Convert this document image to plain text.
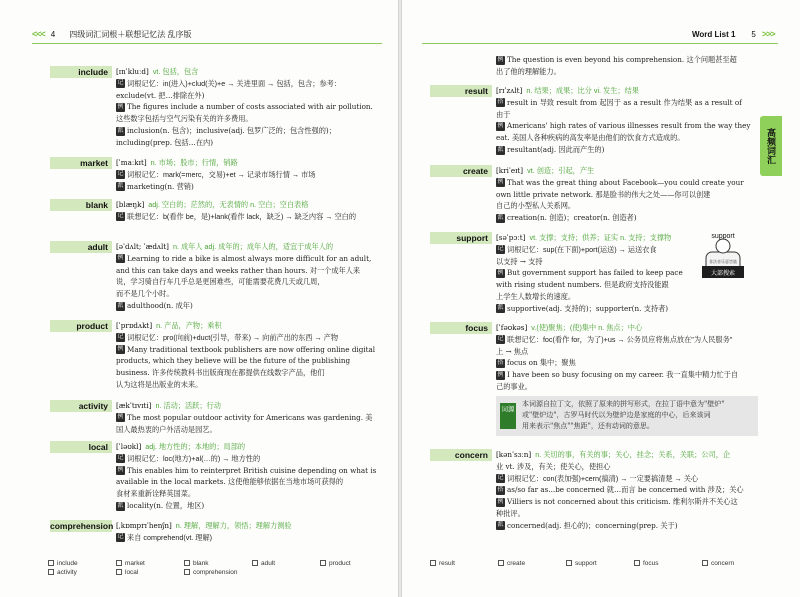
<<< 4 四级词汇词根＋联想记忆法 乱序版
include	[ɪnˈkluːd] vt. 包括，包含
记 词根记忆：in(进入)+clud(关)+e → 关进里面 → 包括，包含；参考：
exclude(vt. 把…排除在外)
例 The figures include a number of costs associated with air pollution.
这些数字包括与空气污染有关的许多费用。
派 inclusion(n. 包含)；inclusive(adj. 包罗广泛的；包含性强的)；
including(prep. 包括…在内)
market	[ˈmaːkɪt] n. 市场；股市；行情，销路
记 词根记忆：mark(=merc，交易)+et → 记录市场行情 → 市场
派 marketing(n. 营销)
blank	[blæŋk] adj. 空白的；茫然的，无表情的 n. 空白；空白表格
记 联想记忆：b(看作 be，是)+lank(看作 lack，缺乏) → 缺乏内容 → 空白的
adult	[əˈdʌlt; ˈædʌlt] n. 成年人 adj. 成年的；成年人的，适宜于成年人的
例 Learning to ride a bike is almost always more difficult for an adult,
and this can take days and weeks rather than hours. 对一个成年人来
说，学习骑自行车几乎总是更困难些，可能需要花费几天或几周，
而不是几个小时。
派 adulthood(n. 成年)
product	[ˈprɒdʌkt] n. 产品，产物；乘积
记 词根记忆：pro(向前)+duct(引导，带来) → 向前产出的东西 → 产物
例 Many traditional textbook publishers are now offering online digital
products, which they believe will be the future of the publishing
business. 许多传统教科书出版商现在都提供在线数字产品，他们
认为这将是出版业的未来。
activity	[ækˈtɪvɪti] n. 活动；活跃；行动
例 The most popular outdoor activity for Americans was gardening. 美
国人最热衷的户外活动是园艺。
local	[ˈləʊkl] adj. 地方性的；本地的；局部的
记 词根记忆：loc(地方)+al(…的) → 地方性的
例 This enables him to reinterpret British cuisine depending on what is
available in the local markets. 这使他能够依据在当地市场可获得的
食材来重新诠释英国菜。
派 locality(n. 位置，地区)
comprehension [ˌkɒmprɪˈhenʃn] n. 理解，理解力，领悟；理解力测验
记 来自 comprehend(vt. 理解)
include	market	blank	adult	product
activity	local	comprehension
Word List 1 5 >>>
例 The question is even beyond his comprehension. 这个问题甚至超
出了他的理解能力。
result	[rɪˈzʌlt] n. 结果；成果；比分 vi. 发生；结果
搭 result in 导致 result from 起因于 as a result 作为结果 as a result of
由于
例 Americans' high rates of various illnesses result from the way they
eat. 美国人各种疾病的高发率是由他们的饮食方式造成的。
派 resultant(adj. 因此而产生的)
create	[kriˈeɪt] vt. 创造；引起，产生
例 That was the great thing about Facebook—you could create your
own little private network. 那是脸书的伟大之处——你可以创建
自己的小型私人关系网。
派 creation(n. 创造)；creator(n. 创造者)
support	[səˈpɔːt] vt. 支撑；支持；供养；证实 n. 支持；支撑物
记 词根记忆：sup(在下面)+port(运送) → 运送衣食
以支持 → 支持
例 But government support has failed to keep pace
with rising student numbers. 但是政府支持没能跟
上学生人数增长的速度。
派 supportive(adj. 支持的)；supporter(n. 支持者)
focus	[ˈfəʊkəs] v.(使)聚焦；(使)集中 n. 焦点；中心
记 联想记忆：foc(看作 for，为了)+us → 公务员应将焦点放在"为人民服务"
上 → 焦点
搭 focus on 集中；聚焦
例 I have been so busy focusing on my career. 我一直集中精力忙于自
己的事业。
concern	[kənˈsɜːn] n. 关切的事，有关的事；关心，挂念；关系，关联；公司，企
业 vt. 涉及，有关；使关心，使担心
记 词根记忆：con(表加强)+cern(搞清) → 一定要搞清楚 → 关心
搭 as/so far as...be concerned 就…而言 be concerned with 涉及；关心
例 Villiers is not concerned about this criticism. 维利尔斯并不关心这
种批评。
派 concerned(adj. 担心的)；concerning(prep. 关于)
result	create	support	focus	concern
高频词汇
词源
本词源自拉丁文，依照了原来的拼写形式，在拉丁语中意为"壁炉"
或"壁炉边"，古罗马时代以为壁炉边是家庭的中心，后来该词
用来表示"焦点""焦距"，还有动词的意思。
support
非法音乐意旨旅
大部搜索
